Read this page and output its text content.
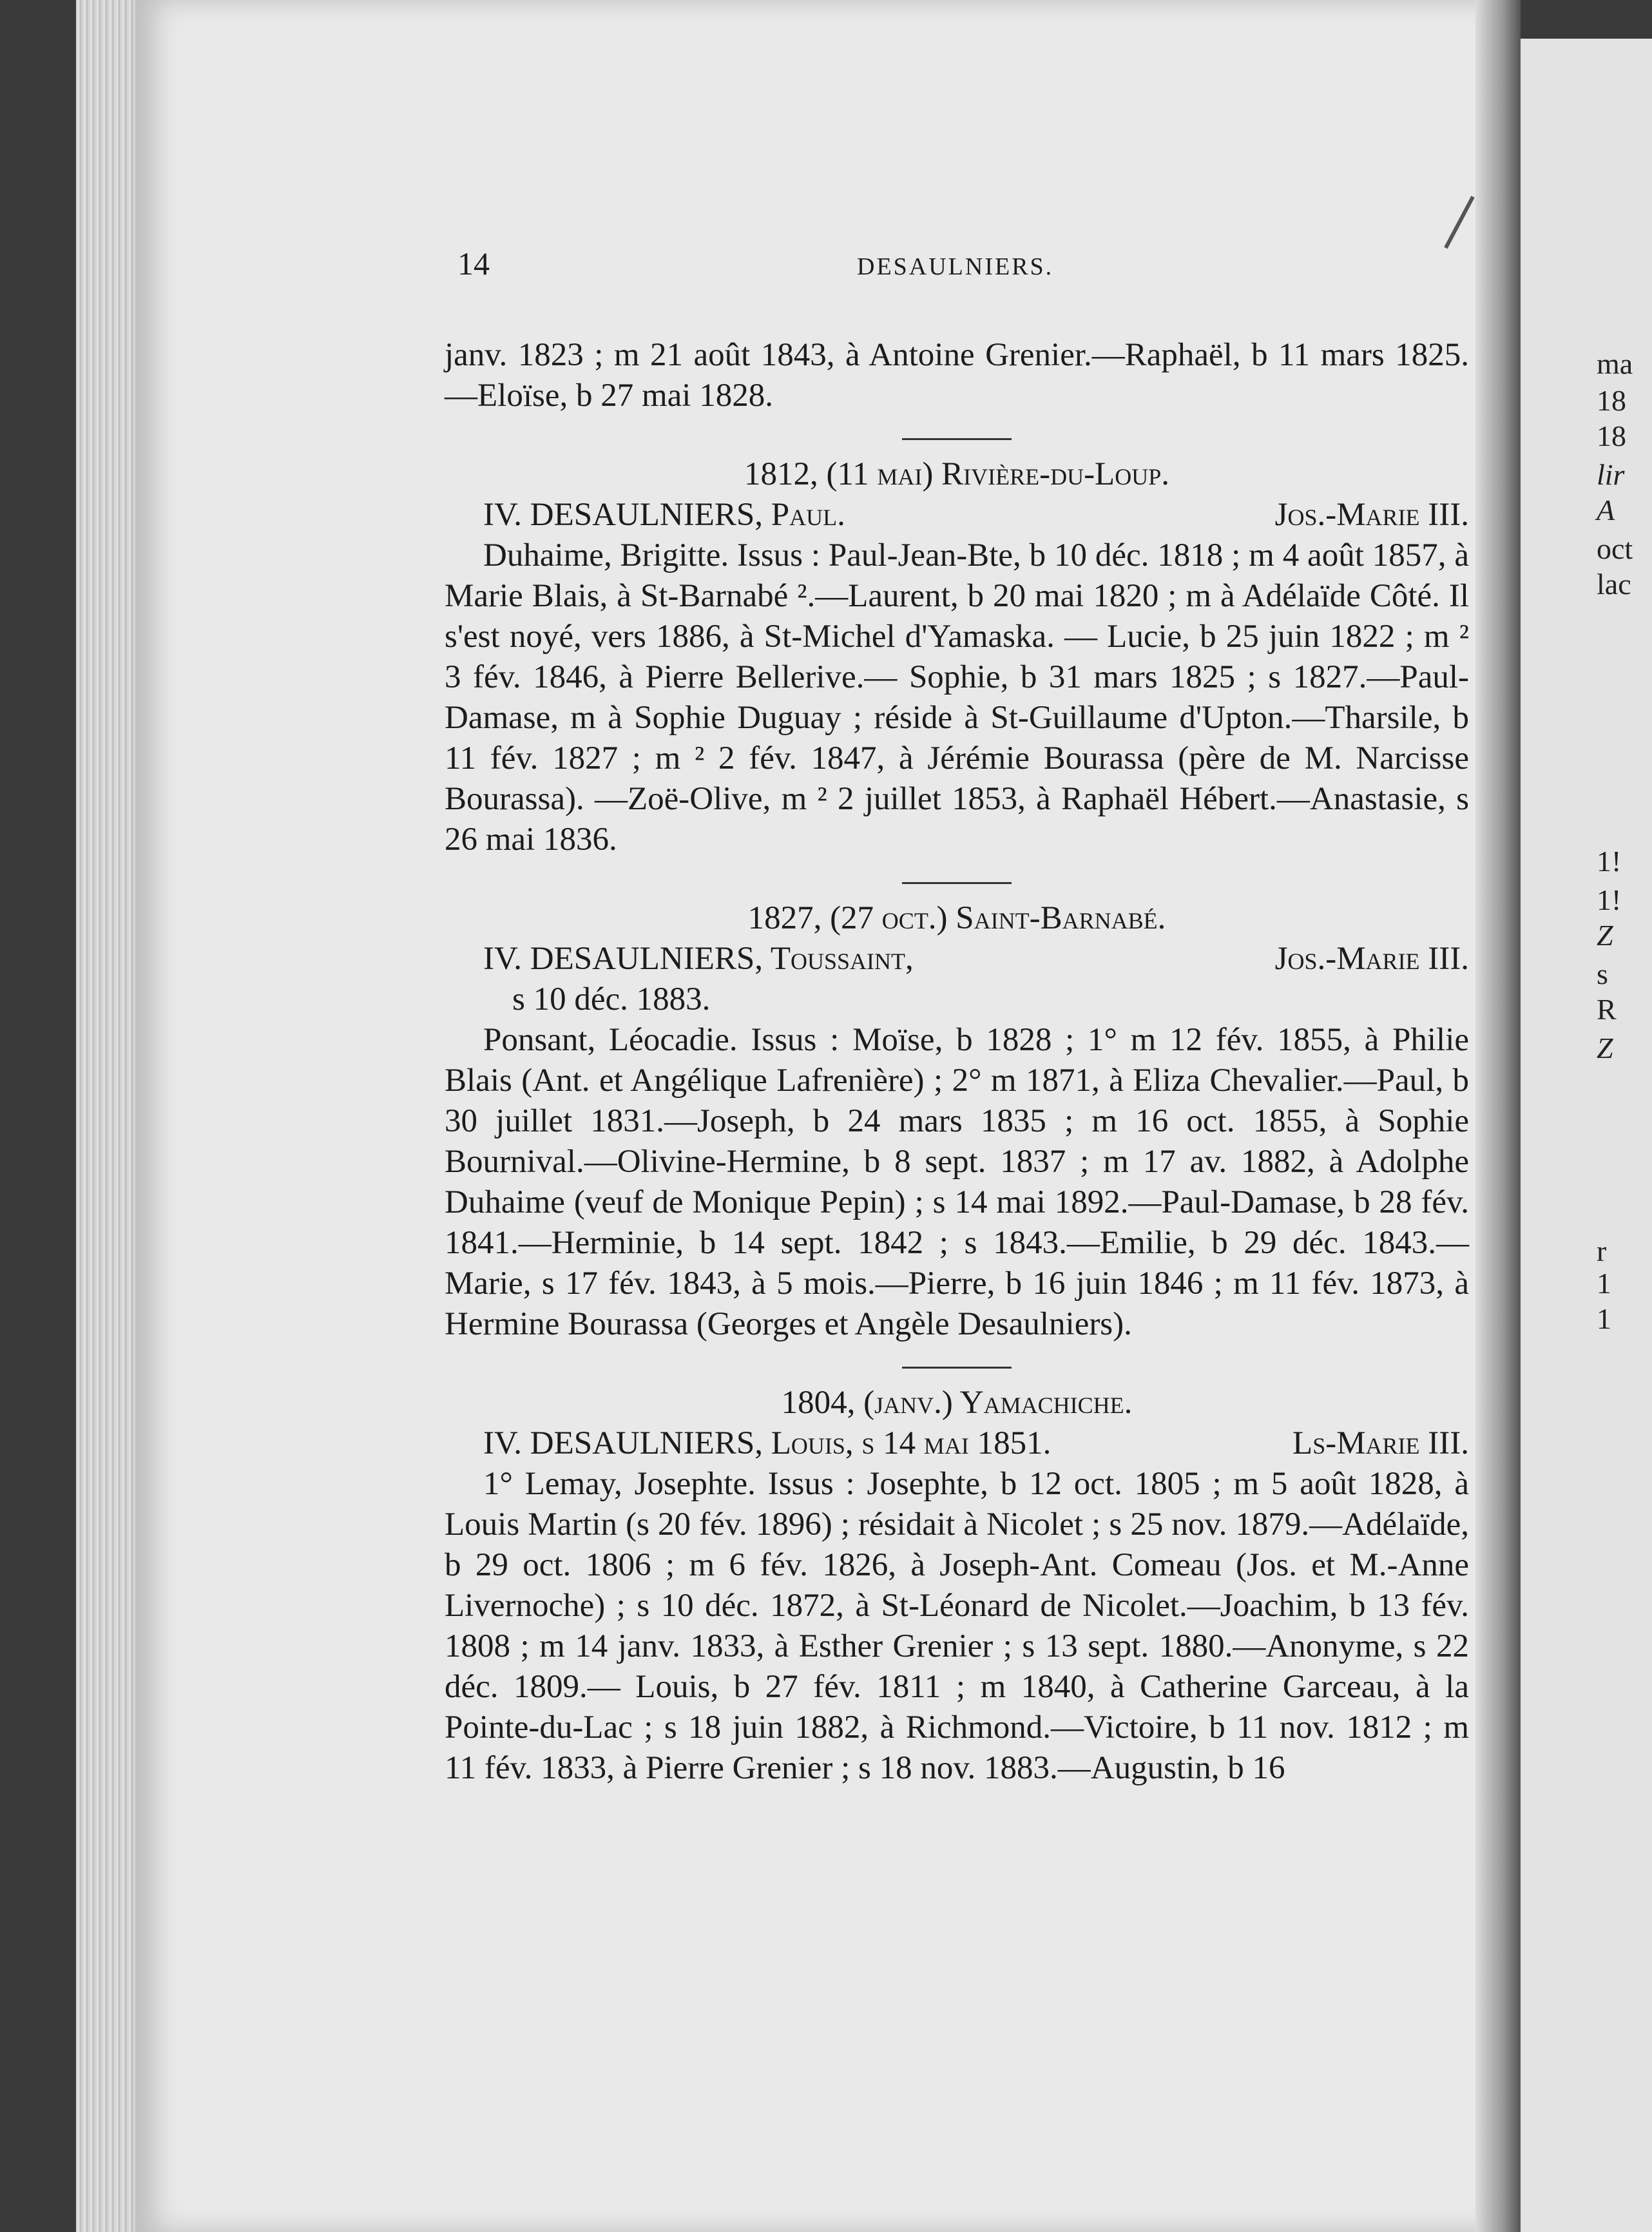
ma
18
18
lir
A
oct
lac
1!
1!
Z
s
R
Z
r
1
1
14	DESAULNIERS.

janv. 1823 ; m 21 août 1843, à Antoine Grenier.—Raphaël, b 11 mars 1825.—Eloïse, b 27 mai 1828.

1812, (11 mai) Rivière-du-Loup.

IV. DESAULNIERS, Paul.	Jos.-Marie III.

Duhaime, Brigitte. Issus : Paul-Jean-Bte, b 10 déc. 1818 ; m 4 août 1857, à Marie Blais, à St-Barnabé ².—Laurent, b 20 mai 1820 ; m à Adélaïde Côté. Il s'est noyé, vers 1886, à St-Michel d'Yamaska. — Lucie, b 25 juin 1822 ; m ² 3 fév. 1846, à Pierre Bellerive.— Sophie, b 31 mars 1825 ; s 1827.—Paul-Damase, m à Sophie Duguay ; réside à St-Guillaume d'Upton.—Tharsile, b 11 fév. 1827 ; m ² 2 fév. 1847, à Jérémie Bourassa (père de M. Narcisse Bourassa). —Zoë-Olive, m ² 2 juillet 1853, à Raphaël Hébert.—Anastasie, s 26 mai 1836.

1827, (27 oct.) Saint-Barnabé.

IV. DESAULNIERS, Toussaint,	Jos.-Marie III.

s 10 déc. 1883.

Ponsant, Léocadie. Issus : Moïse, b 1828 ; 1° m 12 fév. 1855, à Philie Blais (Ant. et Angélique Lafrenière) ; 2° m 1871, à Eliza Chevalier.—Paul, b 30 juillet 1831.—Joseph, b 24 mars 1835 ; m 16 oct. 1855, à Sophie Bournival.—Olivine-Hermine, b 8 sept. 1837 ; m 17 av. 1882, à Adolphe Duhaime (veuf de Monique Pepin) ; s 14 mai 1892.—Paul-Damase, b 28 fév. 1841.—Herminie, b 14 sept. 1842 ; s 1843.—Emilie, b 29 déc. 1843.—Marie, s 17 fév. 1843, à 5 mois.—Pierre, b 16 juin 1846 ; m 11 fév. 1873, à Hermine Bourassa (Georges et Angèle Desaulniers).

1804, (janv.) Yamachiche.

IV. DESAULNIERS, Louis, s 14 mai 1851.	Ls-Marie III.

1° Lemay, Josephte. Issus : Josephte, b 12 oct. 1805 ; m 5 août 1828, à Louis Martin (s 20 fév. 1896) ; résidait à Nicolet ; s 25 nov. 1879.—Adélaïde, b 29 oct. 1806 ; m 6 fév. 1826, à Joseph-Ant. Comeau (Jos. et M.-Anne Livernoche) ; s 10 déc. 1872, à St-Léonard de Nicolet.—Joachim, b 13 fév. 1808 ; m 14 janv. 1833, à Esther Grenier ; s 13 sept. 1880.—Anonyme, s 22 déc. 1809.— Louis, b 27 fév. 1811 ; m 1840, à Catherine Garceau, à la Pointe-du-Lac ; s 18 juin 1882, à Richmond.—Victoire, b 11 nov. 1812 ; m 11 fév. 1833, à Pierre Grenier ; s 18 nov. 1883.—Augustin, b 16
